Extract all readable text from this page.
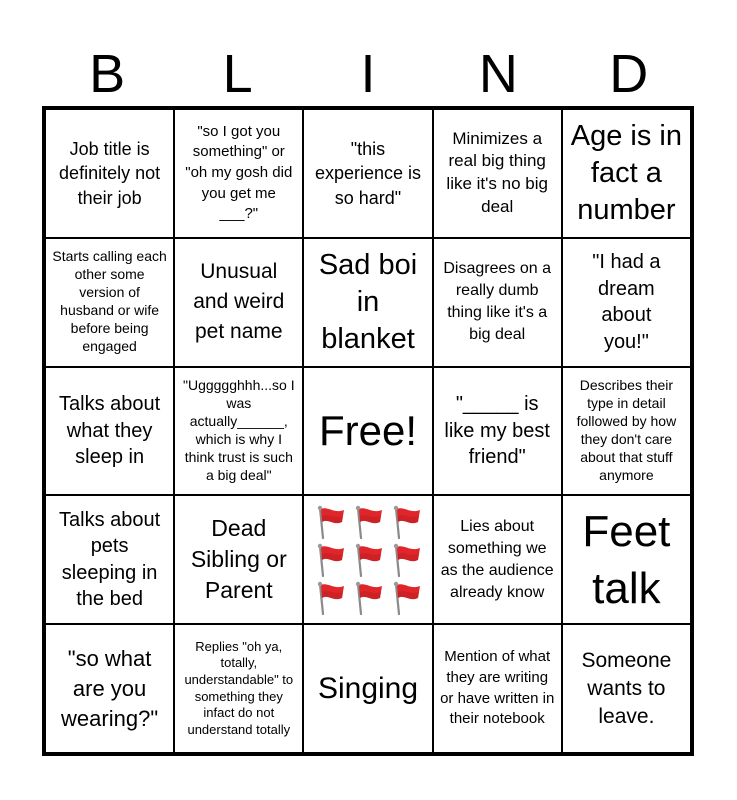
B	L	I	N	D
Job title is definitely not their job
"so I got you something" or "oh my gosh did you get me ___?"
"this experience is so hard"
Minimizes a real big thing like it's no big deal
Age is in fact a number
Starts calling each other some version of husband or wife before being engaged
Unusual and weird pet name
Sad boi in blanket
Disagrees on a really dumb thing like it's a big deal
"I had a dream about you!"
Talks about what they sleep in
"Uggggghhh...so I was actually______, which is why I think trust is such a big deal"
Free!
"_____ is like my best friend"
Describes their type in detail followed by how they don't care about that stuff anymore
Talks about pets sleeping in the bed
Dead Sibling or Parent
Lies about something we as the audience already know
Feet talk
"so what are you wearing?"
Replies "oh ya, totally, understandable" to something they infact do not understand totally
Singing
Mention of what they are writing or have written in their notebook
Someone wants to leave.
